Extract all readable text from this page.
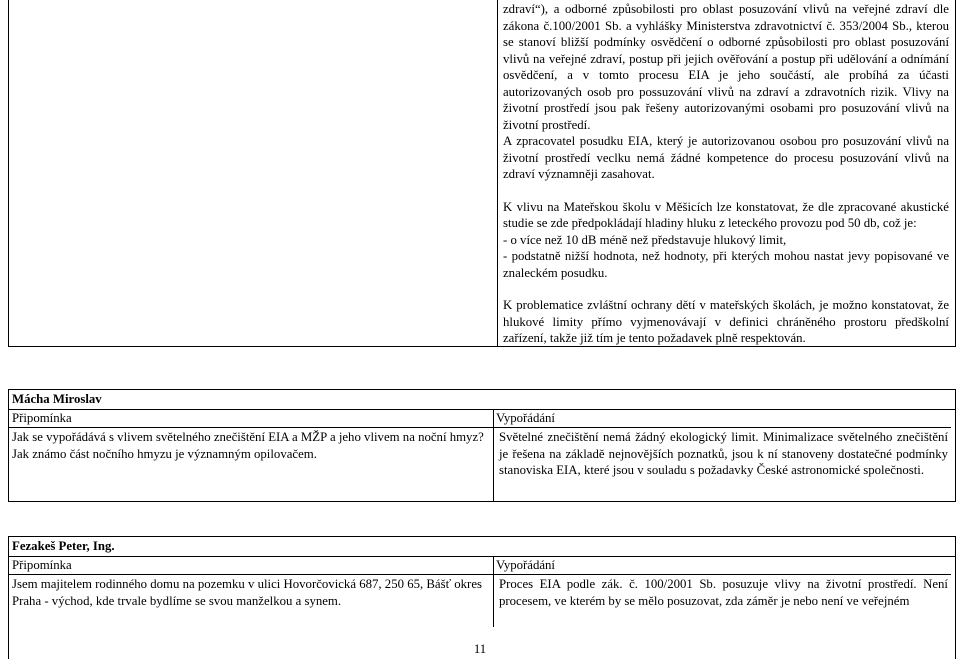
zdraví“), a odborné způsobilosti pro oblast posuzování vlivů na veřejné zdraví dle zákona č.100/2001 Sb. a vyhlášky Ministerstva zdravotnictví č. 353/2004 Sb., kterou se stanoví bližší podmínky osvědčení o odborné způsobilosti pro oblast posuzování vlivů na veřejné zdraví, postup při jejich ověřování a postup při udělování a odnímání osvědčení, a v tomto procesu EIA je jeho součástí, ale probíhá za účasti autorizovaných osob pro possuzování vlivů na zdraví a zdravotních rizik. Vlivy na životní prostředí jsou pak řešeny autorizovanými osobami pro posuzování vlivů na životní prostředí.

A zpracovatel posudku EIA, který je autorizovanou osobou pro posuzování vlivů na životní prostředí veclku nemá žádné kompetence do procesu posuzování vlivů na zdraví významněji zasahovat.

K vlivu na Mateřskou školu v Měšicích lze konstatovat, že dle zpracované akustické studie se zde předpokládají hladiny hluku z leteckého provozu pod 50 db, což je:

- o více než 10 dB méně než představuje hlukový limit,

- podstatně nižší hodnota, než hodnoty, při kterých mohou nastat jevy popisované ve znaleckém posudku.

K problematice zvláštní ochrany dětí v mateřských školách, je možno konstatovat, že hlukové limity přímo vyjmenovávají v definici chráněného prostoru předškolní zařízení, takže již tím je tento požadavek plně respektován.

Mácha Miroslav
Připomínka
Jak se vypořádává s vlivem světelného znečištění EIA a MŽP a jeho vlivem na noční hmyz? Jak známo část nočního hmyzu je významným opilovačem.
Vypořádání
Světelné znečištění nemá žádný ekologický limit. Minimalizace světelného znečištění je řešena na základě nejnovějších poznatků, jsou k ní stanoveny dostatečné podmínky stanoviska EIA, které jsou v souladu s požadavky České astronomické společnosti.
Fezakeš Peter, Ing.
Připomínka
Jsem majitelem rodinného domu na pozemku v ulici Hovorčovická 687, 250 65, Bášť okres Praha - východ, kde trvale bydlíme se svou manželkou a synem.
Vypořádání
Proces EIA podle zák. č. 100/2001 Sb. posuzuje vlivy na životní prostředí. Není procesem, ve kterém by se mělo posuzovat, zda záměr je nebo není ve veřejném
11
